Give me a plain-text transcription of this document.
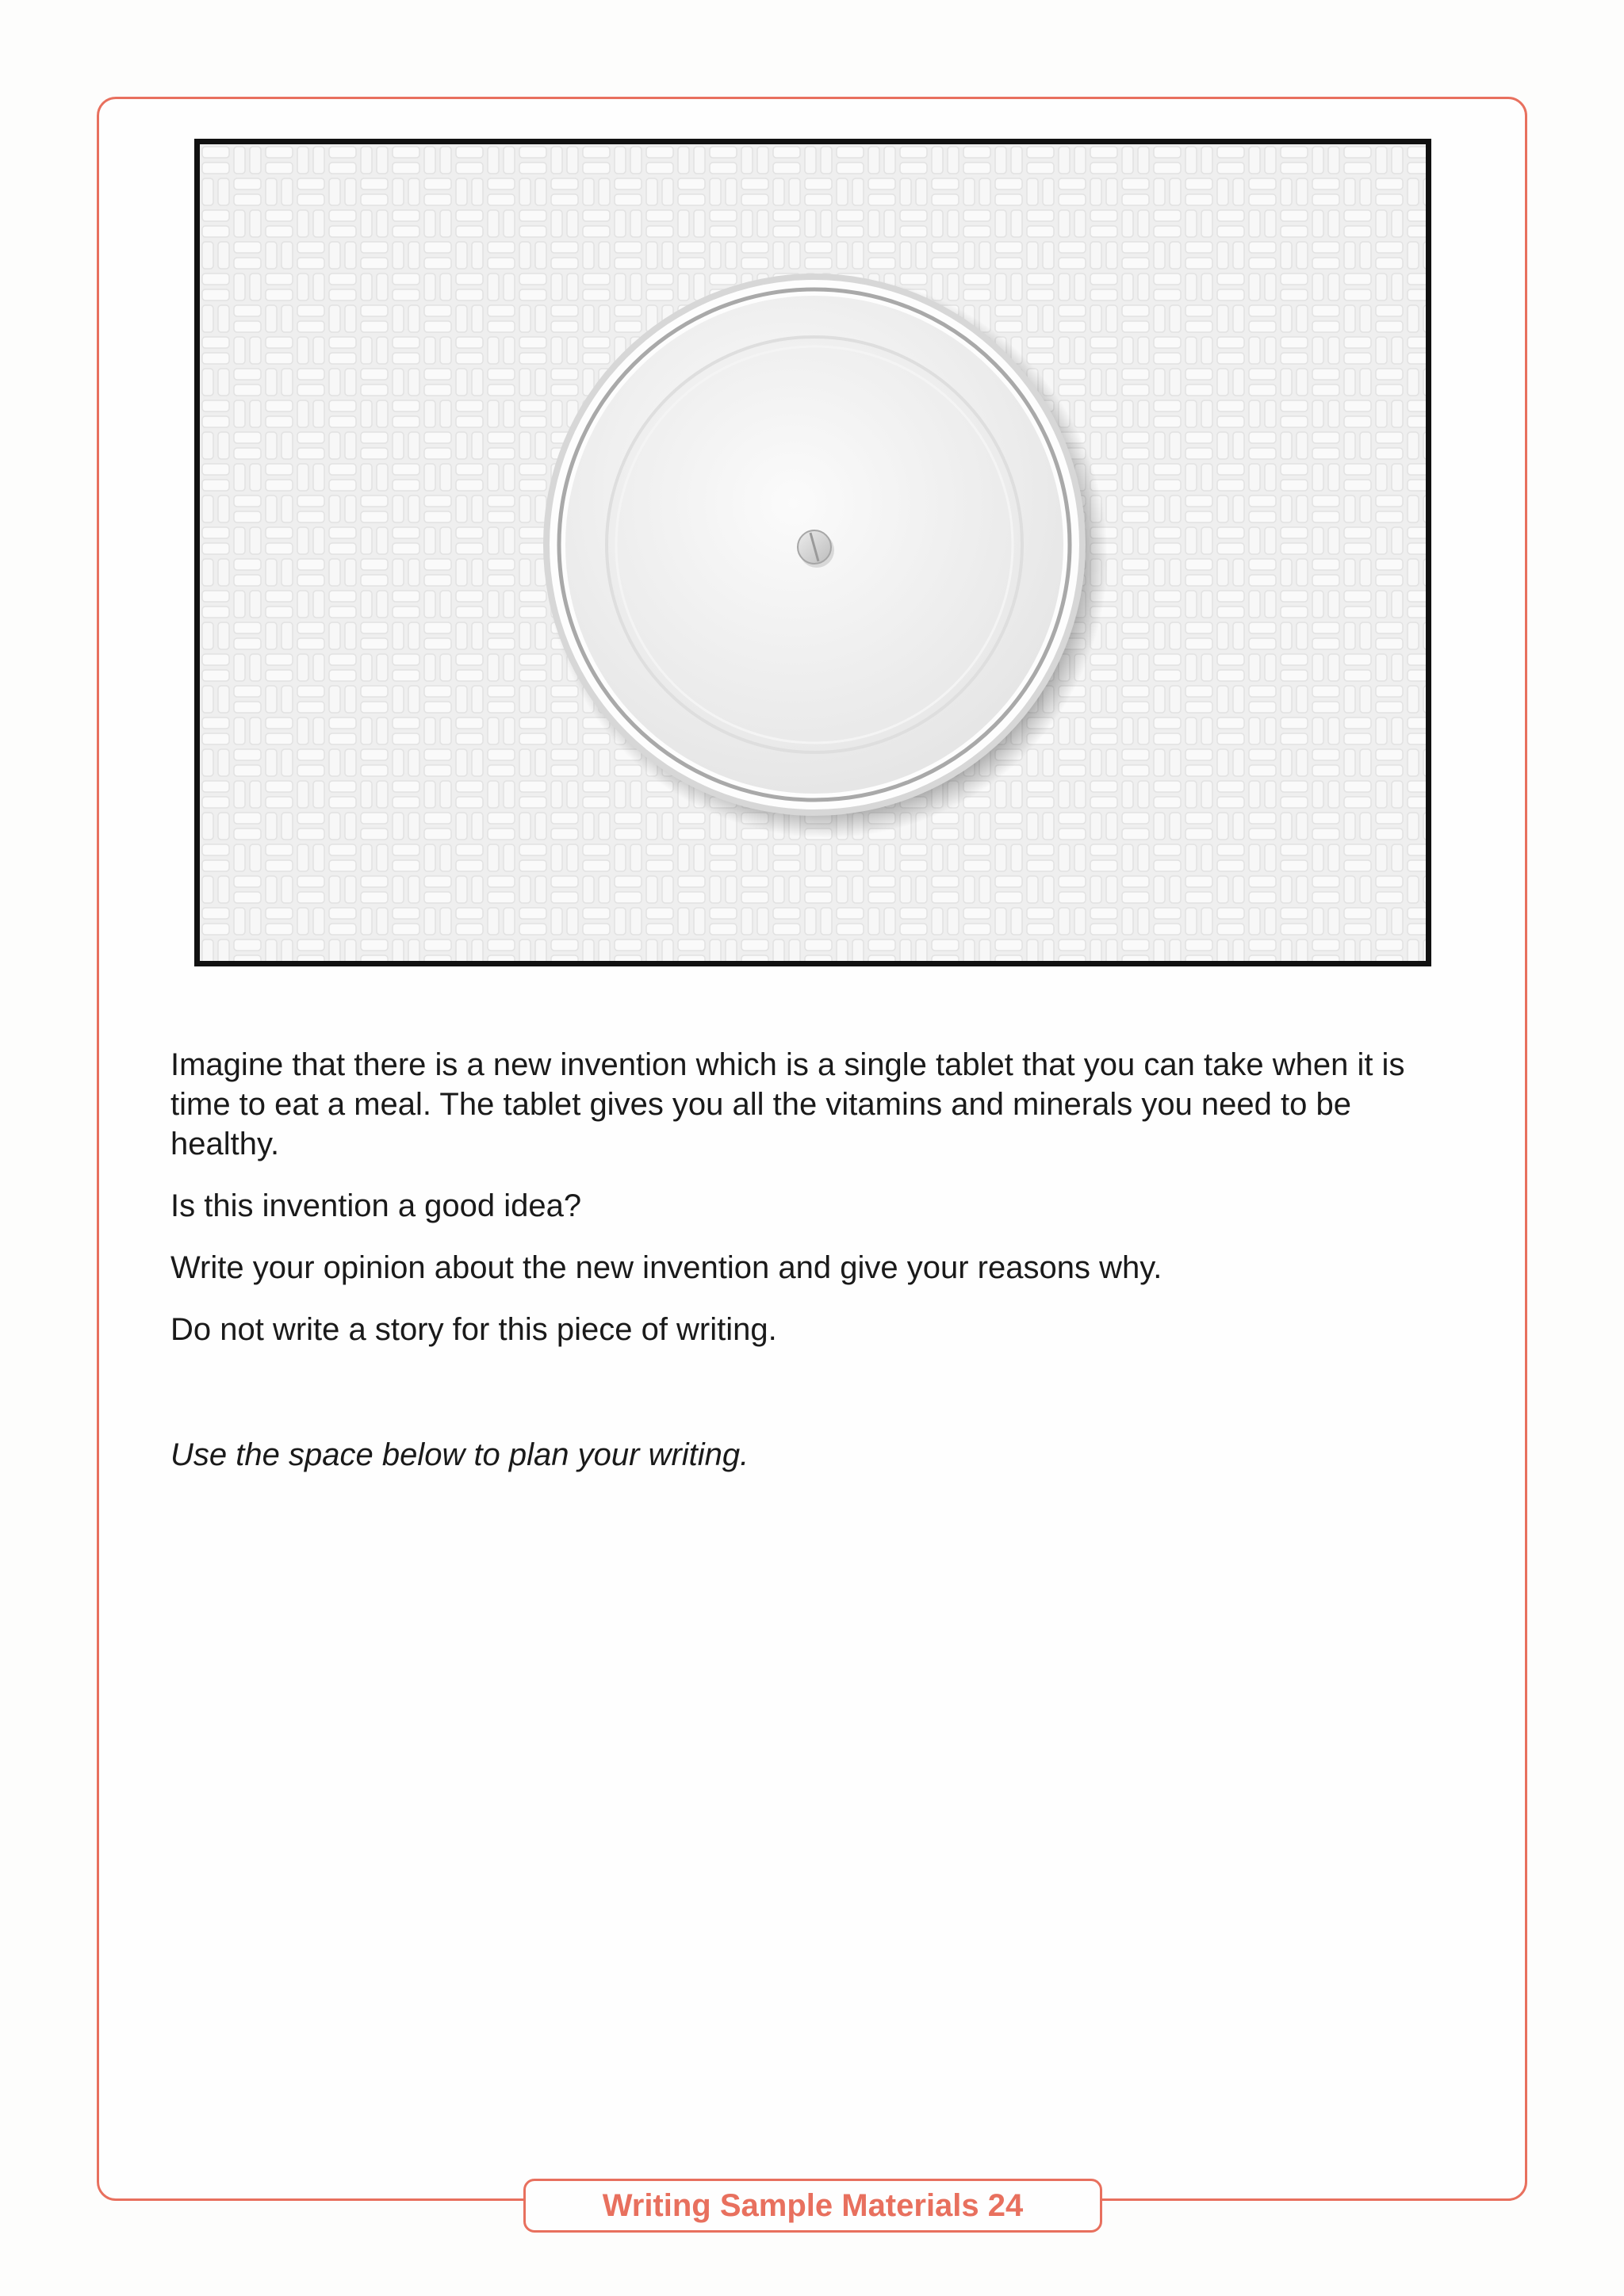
Imagine that there is a new invention which is a single tablet that you can take when it is time to eat a meal. The tablet gives you all the vitamins and minerals you need to be healthy.

Is this invention a good idea?

Write your opinion about the new invention and give your reasons why.

Do not write a story for this piece of writing.

Use the space below to plan your writing.

Writing Sample Materials 24
